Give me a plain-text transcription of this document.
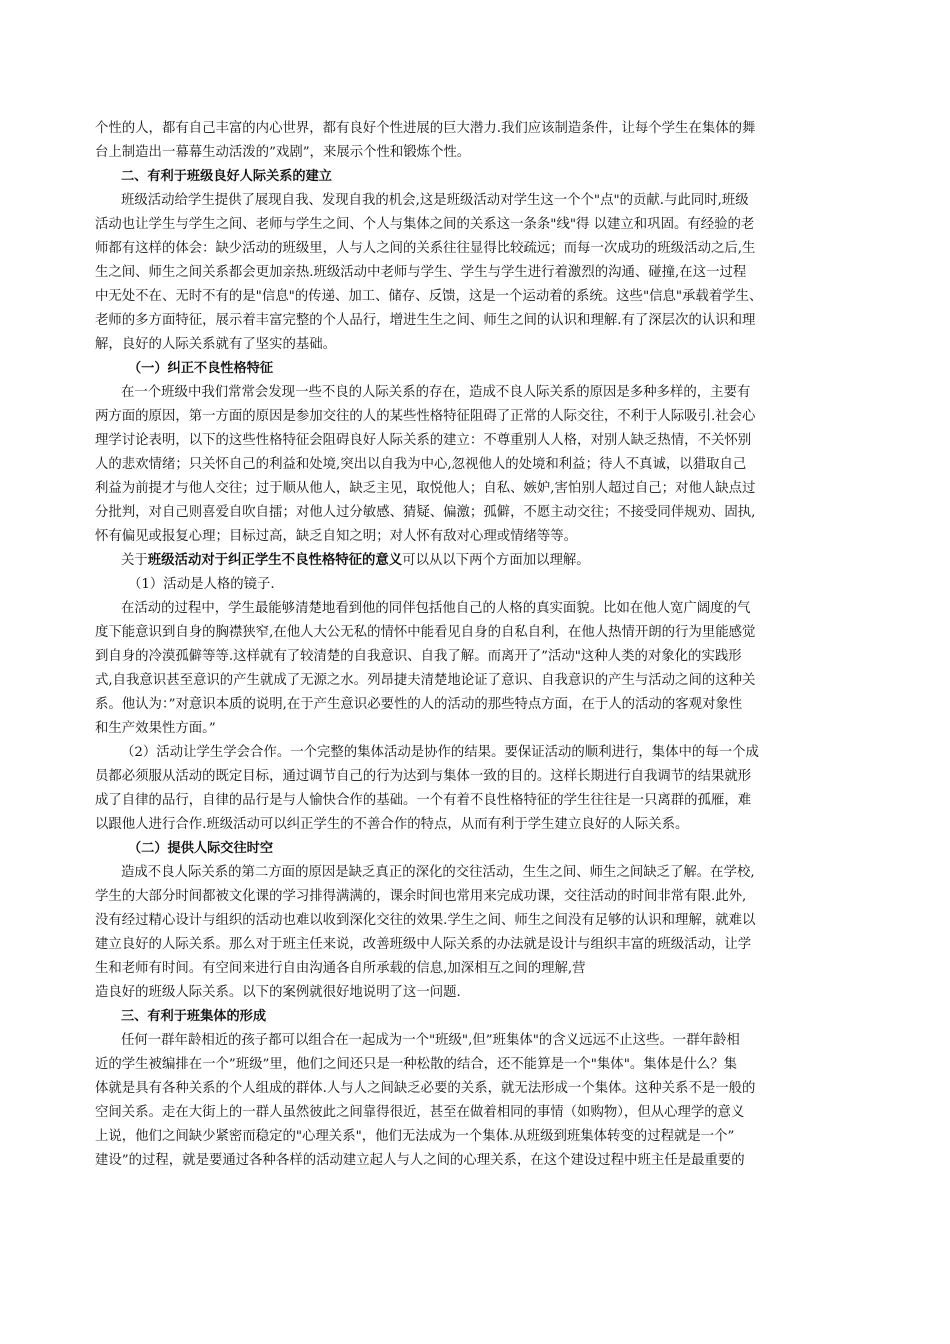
个性的人，都有自己丰富的内心世界，都有良好个性进展的巨大潜力.我们应该制造条件，让每个学生在集体的舞
台上制造出一幕幕生动活泼的”戏剧”，来展示个性和锻炼个性。
二、有利于班级良好人际关系的建立
班级活动给学生提供了展现自我、发现自我的机会,这是班级活动对学生这一个个"点"的贡献.与此同时,班级
活动也让学生与学生之间、老师与学生之间、个人与集体之间的关系这一条条"线"得 以建立和巩固。有经验的老
师都有这样的体会：缺少活动的班级里，人与人之间的关系往往显得比较疏远；而每一次成功的班级活动之后,生
生之间、师生之间关系都会更加亲热.班级活动中老师与学生、学生与学生进行着激烈的沟通、碰撞,在这一过程
中无处不在、无时不有的是"信息"的传递、加工、储存、反馈，这是一个运动着的系统。这些"信息"承载着学生、
老师的多方面特征，展示着丰富完整的个人品行，增进生生之间、师生之间的认识和理解.有了深层次的认识和理
解，良好的人际关系就有了坚实的基础。
（一）纠正不良性格特征
在一个班级中我们常常会发现一些不良的人际关系的存在，造成不良人际关系的原因是多种多样的，主要有
两方面的原因，第一方面的原因是参加交往的人的某些性格特征阻碍了正常的人际交往，不利于人际吸引.社会心
理学讨论表明，以下的这些性格特征会阻碍良好人际关系的建立：不尊重别人人格，对别人缺乏热情，不关怀别
人的悲欢情绪；只关怀自己的利益和处境,突出以自我为中心,忽视他人的处境和利益；待人不真诚，以猎取自己
利益为前提才与他人交往；过于顺从他人，缺乏主见，取悦他人；自私、嫉妒,害怕别人超过自己；对他人缺点过
分批判，对自己则喜爱自吹自擂；对他人过分敏感、猜疑、偏激；孤僻，不愿主动交往；不接受同伴规劝、固执,
怀有偏见或报复心理；目标过高，缺乏自知之明；对人怀有敌对心理或情绪等等。
关于班级活动对于纠正学生不良性格特征的意义可以从以下两个方面加以理解。
（1）活动是人格的镜子.
在活动的过程中，学生最能够清楚地看到他的同伴包括他自己的人格的真实面貌。比如在他人宽广阔度的气
度下能意识到自身的胸襟狭窄,在他人大公无私的情怀中能看见自身的自私自利，在他人热情开朗的行为里能感觉
到自身的冷漠孤僻等等.这样就有了较清楚的自我意识、自我了解。而离开了”活动"这种人类的对象化的实践形
式,自我意识甚至意识的产生就成了无源之水。列昂捷夫清楚地论证了意识、自我意识的产生与活动之间的这种关
系。他认为：”对意识本质的说明,在于产生意识必要性的人的活动的那些特点方面，在于人的活动的客观对象性
和生产效果性方面。”
（2）活动让学生学会合作。一个完整的集体活动是协作的结果。要保证活动的顺利进行，集体中的每一个成
员都必须服从活动的既定目标，通过调节自己的行为达到与集体一致的目的。这样长期进行自我调节的结果就形
成了自律的品行，自律的品行是与人愉快合作的基础。一个有着不良性格特征的学生往往是一只离群的孤雁，难
以跟他人进行合作.班级活动可以纠正学生的不善合作的特点，从而有利于学生建立良好的人际关系。
（二）提供人际交往时空
造成不良人际关系的第二方面的原因是缺乏真正的深化的交往活动，生生之间、师生之间缺乏了解。在学校,
学生的大部分时间都被文化课的学习排得满满的，课余时间也常用来完成功课，交往活动的时间非常有限.此外,
没有经过精心设计与组织的活动也难以收到深化交往的效果.学生之间、师生之间没有足够的认识和理解，就难以
建立良好的人际关系。那么对于班主任来说，改善班级中人际关系的办法就是设计与组织丰富的班级活动，让学
生和老师有时间。有空间来进行自由沟通各自所承载的信息,加深相互之间的理解,营
造良好的班级人际关系。以下的案例就很好地说明了这一问题.
三、有利于班集体的形成
任何一群年龄相近的孩子都可以组合在一起成为一个"班级",但”班集体"的含义远远不止这些。一群年龄相
近的学生被编排在一个”班级”里，他们之间还只是一种松散的结合，还不能算是一个"集体"。集体是什么？集
体就是具有各种关系的个人组成的群体.人与人之间缺乏必要的关系，就无法形成一个集体。这种关系不是一般的
空间关系。走在大街上的一群人虽然彼此之间靠得很近，甚至在做着相同的事情（如购物），但从心理学的意义
上说，他们之间缺少紧密而稳定的"心理关系"，他们无法成为一个集体.从班级到班集体转变的过程就是一个”
建设”的过程，就是要通过各种各样的活动建立起人与人之间的心理关系，在这个建设过程中班主任是最重要的
